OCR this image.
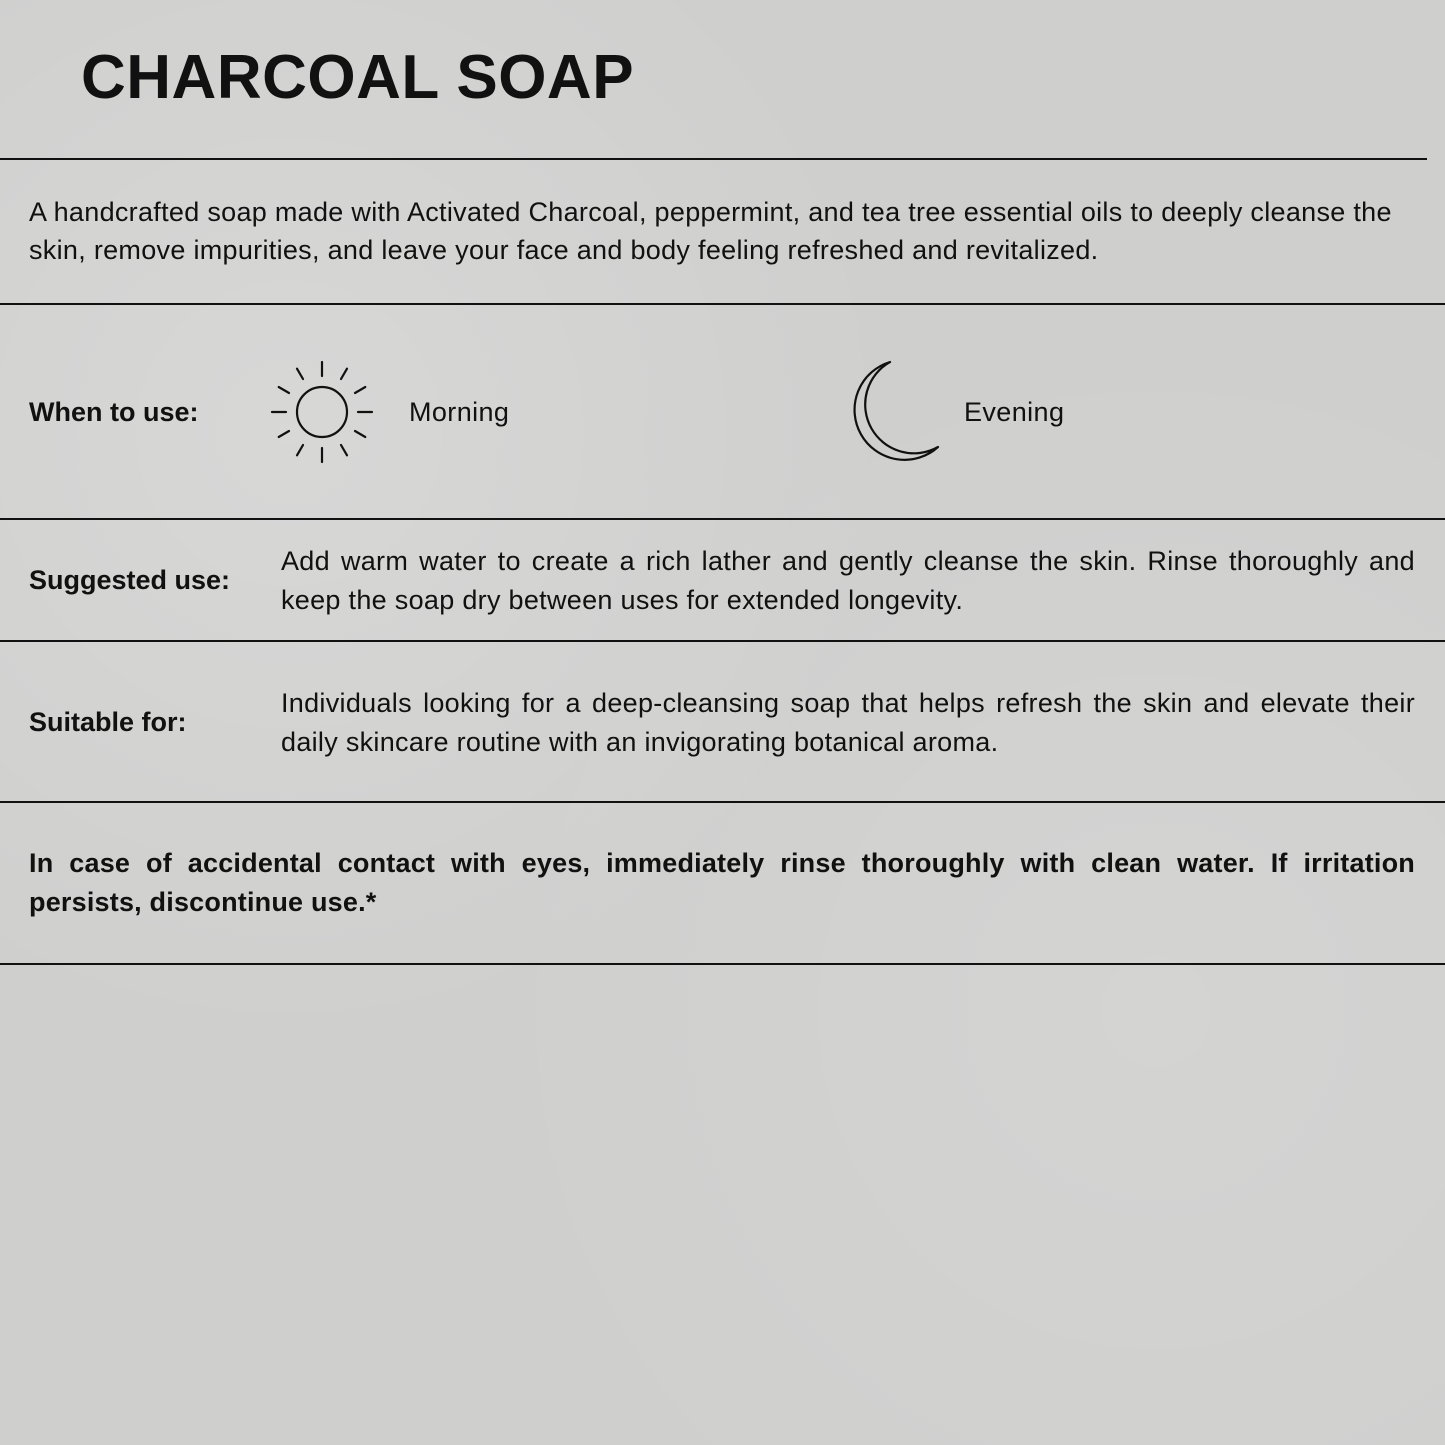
CHARCOAL SOAP

A handcrafted soap made with Activated Charcoal, peppermint, and tea tree essential oils to deeply cleanse the skin, remove impurities, and leave your face and body feeling refreshed and revitalized.

When to use:	Morning	Evening

Suggested use:

Add warm water to create a rich lather and gently cleanse the skin. Rinse thoroughly and keep the soap dry between uses for extended longevity.

Suitable for:

Individuals looking for a deep-cleansing soap that helps refresh the skin and elevate their daily skincare routine with an invigorating botanical aroma.

In case of accidental contact with eyes, immediately rinse thoroughly with clean water. If irritation persists, discontinue use.*
